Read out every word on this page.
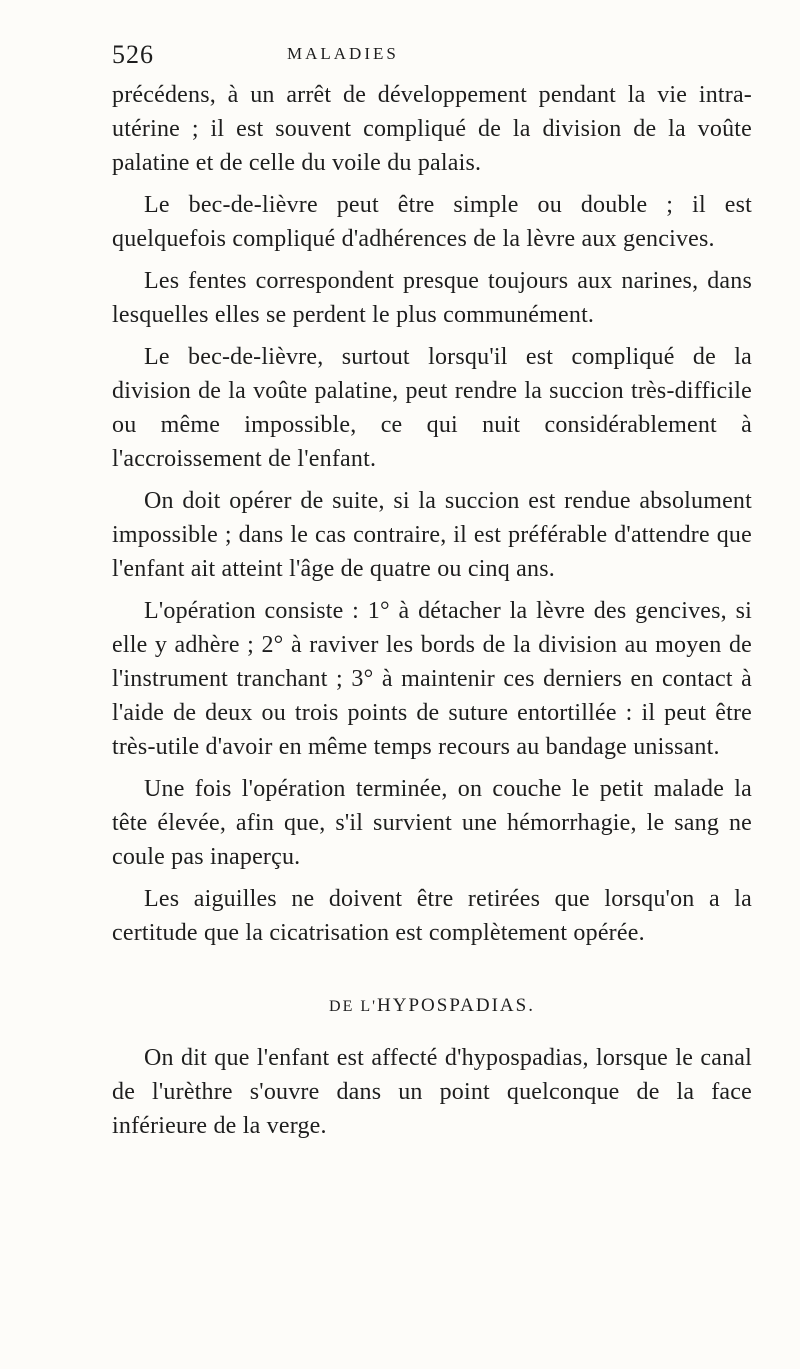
526	MALADIES

précédens, à un arrêt de développement pendant la vie intra-utérine ; il est souvent compliqué de la division de la voûte palatine et de celle du voile du palais.

Le bec-de-lièvre peut être simple ou double ; il est quelquefois compliqué d'adhérences de la lèvre aux gencives.

Les fentes correspondent presque toujours aux narines, dans lesquelles elles se perdent le plus communément.

Le bec-de-lièvre, surtout lorsqu'il est compliqué de la division de la voûte palatine, peut rendre la succion très-difficile ou même impossible, ce qui nuit considérablement à l'accroissement de l'enfant.

On doit opérer de suite, si la succion est rendue absolument impossible ; dans le cas contraire, il est préférable d'attendre que l'enfant ait atteint l'âge de quatre ou cinq ans.

L'opération consiste : 1° à détacher la lèvre des gencives, si elle y adhère ; 2° à raviver les bords de la division au moyen de l'instrument tranchant ; 3° à maintenir ces derniers en contact à l'aide de deux ou trois points de suture entortillée : il peut être très-utile d'avoir en même temps recours au bandage unissant.

Une fois l'opération terminée, on couche le petit malade la tête élevée, afin que, s'il survient une hémorrhagie, le sang ne coule pas inaperçu.

Les aiguilles ne doivent être retirées que lorsqu'on a la certitude que la cicatrisation est complètement opérée.

DE L'HYPOSPADIAS.

On dit que l'enfant est affecté d'hypospadias, lorsque le canal de l'urèthre s'ouvre dans un point quelconque de la face inférieure de la verge.
